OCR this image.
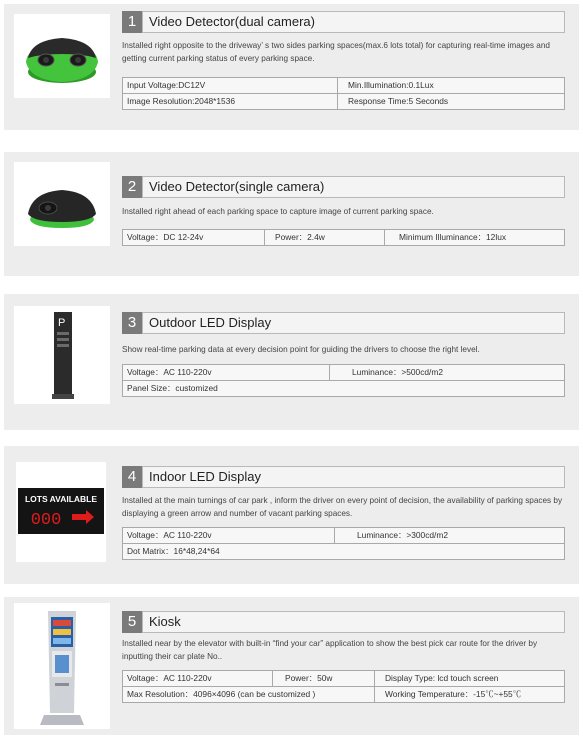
1 Video Detector(dual camera)
Installed right opposite to the driveway’ s two sides parking spaces(max.6 lots total) for capturing real-time images and getting current parking status of every parking space.
Input Voltage:DC12V	Min.Illumination:0.1Lux
Image Resolution:2048*1536	Response Time:5 Seconds
2 Video Detector(single camera)
Installed right ahead of each parking space to capture image of current parking space.
Voltage：DC 12-24v	Power：2.4w	Minimum Illuminance：12lux
P	3 Outdoor LED Display
Show real-time parking data at every decision point for guiding the drivers to choose the right level.
Voltage：AC 110-220v	Luminance：>500cd/m2
Panel Size：customized
LOTS AVAILABLE
000
4 Indoor LED Display
Installed at the main turnings of car park , inform the driver on every point of decision, the availability of parking spaces by displaying a green arrow and number of vacant parking spaces.
Voltage：AC 110-220v	Luminance：>300cd/m2
Dot Matrix：16*48,24*64
5 Kiosk
Installed near by the elevator with built-in “find your car” application to show the best pick car route for the driver by inputting their car plate No..
Voltage：AC 110-220v	Power：50w	Display Type: lcd touch screen
Max Resolution：4096×4096 (can be customized )	Working Temperature：-15℃~+55℃
